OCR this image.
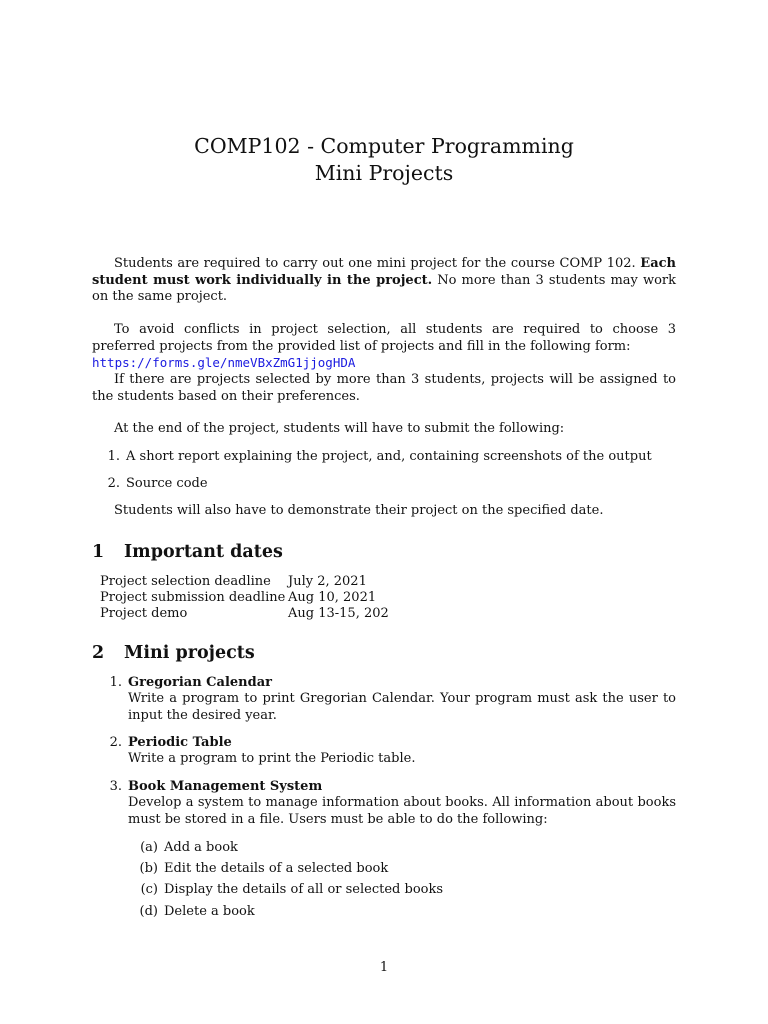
COMP102 - Computer Programming
Mini Projects
Students are required to carry out one mini project for the course COMP 102. Each student must work individually in the project. No more than 3 students may work on the same project.
To avoid conflicts in project selection, all students are required to choose 3 preferred projects from the provided list of projects and fill in the following form:
https://forms.gle/nmeVBxZmG1jjogHDA
If there are projects selected by more than 3 students, projects will be assigned to the students based on their preferences.
At the end of the project, students will have to submit the following:
1. A short report explaining the project, and, containing screenshots of the output
2. Source code
Students will also have to demonstrate their project on the specified date.
1 Important dates
Project selection deadline July 2, 2021
Project submission deadline Aug 10, 2021
Project demo	Aug 13-15, 202
2 Mini projects
1. Gregorian Calendar
Write a program to print Gregorian Calendar. Your program must ask the user to input the desired year.
2. Periodic Table
Write a program to print the Periodic table.
3. Book Management System
Develop a system to manage information about books. All information about books must be stored in a file. Users must be able to do the following:
(a) Add a book
(b) Edit the details of a selected book
(c) Display the details of all or selected books
(d) Delete a book
1
